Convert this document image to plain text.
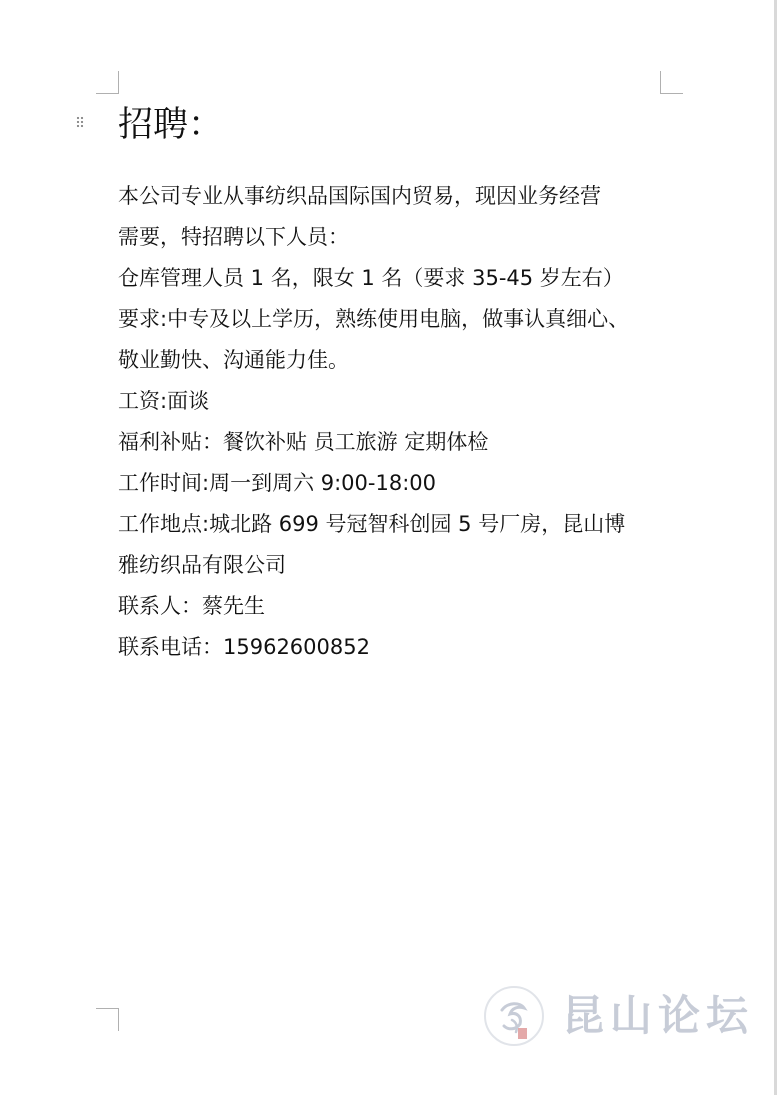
招聘：

本公司专业从事纺织品国际国内贸易，现因业务经营

需要，特招聘以下人员：

仓库管理人员 1 名，限女 1 名（要求 35-45 岁左右）

要求:中专及以上学历，熟练使用电脑，做事认真细心、

敬业勤快、沟通能力佳。

工资:面谈

福利补贴：餐饮补贴 员工旅游 定期体检

工作时间:周一到周六 9:00-18:00

工作地点:城北路 699 号冠智科创园 5 号厂房，昆山博

雅纺织品有限公司

联系人：蔡先生

联系电话：15962600852

昆山论坛
